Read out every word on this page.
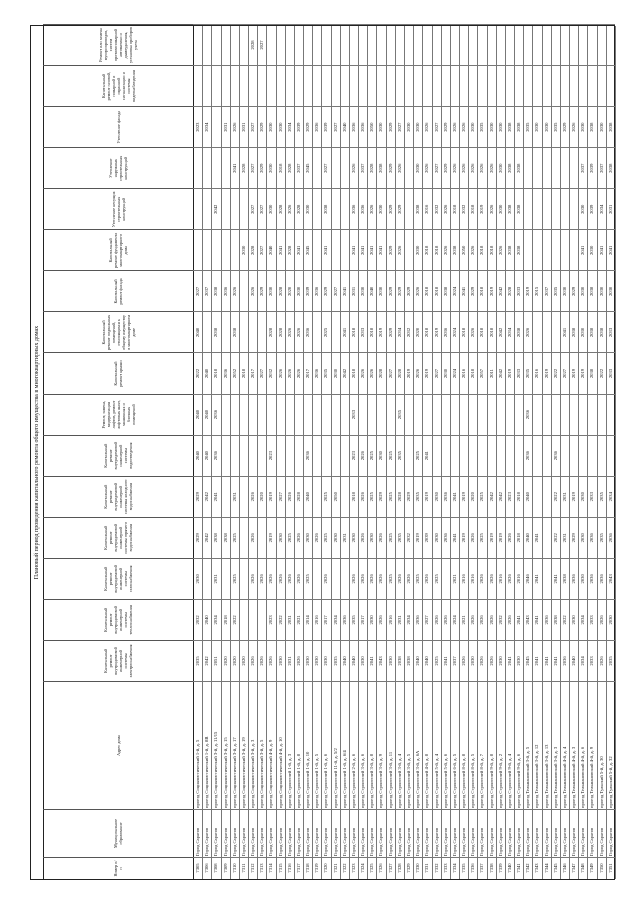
Плановый период проведения капитального ремонта общего имущества в многоквартирных домах
Номер п/п
Муниципальное образование
Адрес дома
Капитальный ремонт внутридомовой инженерной системы электроснабжения
Капитальный ремонт внутридомовой инженерной системы теплоснабжения
Капитальный ремонт внутридомовой инженерной системы газоснабжения
Капитальный ремонт внутридомовой инженерной системы горячего водоснабжения
Капитальный ремонт внутридомовой инженерной системы холодного водоснабжения
Капитальный ремонт внутридомовой инженерной системы водоотведения
Ремонт, замена, модернизация лифтов, ремонт лифтовых шахт, машинных и блочных помещений
Капитальный ремонт крыши
Капитальный ремонт подвальных помещений, относящихся к общему имуществу в многоквартирном доме
Капитальный ремонт фасада
Капитальный ремонт фундамента многоквартирного дома
Утепление несущих строительных конструкций
Утепление наружных строительных конструкций
Утепление фасада
Капитальный ремонт газовой, пожарной и охранной сигнализации и системы видеонаблюдения
Ремонт или замена мусоропроводов, систем противопожарной автоматики и дымоудаления, установка приборов учета
7305
Город Саратов
проезд Социалистический 1-й, д. 5
2035
2032
2030
2029
2029
2040
2040
2022
2040
2027
2023
7306
Город Саратов
проезд Социалистический 1-й, д. 8В
2042
2040
2042
2042
2040
2040
2040
2037
2034
7308
Город Саратов
проезд Социалистический 3-й, д. 11/15
2051
2034
2031
2038
2041
2036
2036
2018
2038
2038
2042
7309
Город Саратов
проезд Социалистический 3-й, д. 15
2020
2018
2038
2036
2036
2031
7310
Город Саратов
проезд Социалистический 3-й, д. 17
2020
2022
2025
2025
2031
2052
2038
2026
2041
2026
7311
Город Саратов
проезд Социалистический 3-й, д. 19
2020
2018
2030
2028
2031
7312
Город Саратов
проезд Социалистический 3-й, д. 3
2026
2026
2026
2026
2017
2026
2028
2027
2027
2027
2028
7313
Город Саратов
проезд Социалистический 3-й, д. 5
2026
2026
2020
2027
2029
2027
2027
2029
2029
2027
7314
Город Саратов
проезд Социалистический 4-й, д. 9
2026
2023
2026
2019
2019
2023
2032
2028
2030
2040
2030
2030
2030
7315
Город Саратов
проезд Социалистический 4-й, д. 10
2030
2022
2026
2030
2027
2026
2028
2028
2041
2028
2018
2030
7316
Город Саратов
проезд Строителей 1-й, д. 3
2031
2031
2026
2025
2026
2026
2026
2020
2028
2026
2028
2034
7317
Город Саратов
проезд Строителей 1-й, д. 8
2026
2021
2026
2026
2028
2026
2026
2030
2041
2028
2037
2039
7318
Город Саратов
проезд Строителей 1-й, д. 10
2030
2014
2025
2030
2040
2036
2017
2036
2039
2045
2030
2045
2029
7319
Город Саратов
проезд Строителей 1-й, д. 5
2030
2016
2026
2036
2036
2036
7320
Город Саратов
проезд Строителей 1-й, д. 6
2030
2017
2026
2025
2025
2035
2025
2029
2041
2038
2027
2039
7321
Город Саратов
проезд Строителей 11-й, д. 5/2
2035
2034
2030
2050
2030
2027
2027
7322
Город Саратов
проезд Строителей 1-й, д. 6/4
2040
2036
2031
2042
2041
2041
2040
7323
Город Саратов
проезд Строителей 2-й, д. 6
2040
2035
2026
2030
2018
2023
2033
2018
2018
2031
2041
2036
2026
2036
7324
Город Саратов
проезд Строителей 3-й, д. 6
2030
2017
2026
2026
2026
2026
2026
2033
2030
2041
2036
2037
2036
7325
Город Саратов
проезд Строителей 3-й, д. 8
2041
2030
2026
2030
2025
2025
2026
2018
2040
2041
2026
2028
2050
7326
Город Саратов
проезд Строителей 3-й, д. 9
2043
2026
2026
2026
2029
2030
2028
2019
2030
2041
2030
2038
2030
7327
Город Саратов
проезд Строителей 3-й, д. 11
2030
2016
2025
2025
2025
2025
2027
2029
2029
2029
2029
2029
2029
7328
Город Саратов
проезд Строителей 3-й, д. 4
2038
2031
2026
2035
2028
2035
2035
2028
2034
2029
2026
2029
2026
2027
7329
Город Саратов
проезд Строителей 3-й, д. 5
2038
2034
2026
2032
2029
2019
2032
2029
2030
7330
Город Саратов
проезд Строителей 3-й, д. 6А
2040
2036
2025
2019
2035
2025
2026
2020
2026
2030
2038
2030
2030
7331
Город Саратов
проезд Строителей 4-й, д. 8
2040
2027
2026
2039
2019
2041
2019
2018
2018
2018
2016
2026
2026
7332
Город Саратов
проезд Строителей 5-й, д. 4
2025
2026
2025
2030
2030
2027
2019
2018
2018
2032
2027
2027
7333
Город Саратов
проезд Строителей 5-й, д. 6
2041
2026
2036
2036
2030
2036
2038
2026
2026
2029
2029
7334
Город Саратов
проезд Строителей 6-й, д. 5
2037
2024
2021
2041
2041
2024
2024
2024
2038
2018
2026
2026
7335
Город Саратов
проезд Строителей 8-й, д. 8
2026
2021
2016
2019
2019
2016
2018
2041
2050
2032
2026
2026
7336
Город Саратов
проезд Строителей 8-й, д. 5
2030
2026
2016
2026
2020
2018
2026
2029
2026
2018
2026
2030
7337
Город Саратов
проезд Строителей 8-й, д. 7
2026
2026
2026
2025
2025
2057
2018
2018
2018
2019
2026
2035
7338
Город Саратов
проезд Строителей 9-й, д. 8
2026
2026
2026
2019
2042
2011
2018
2019
2018
2026
2026
2030
7339
Город Саратов
проезд Строителей 9-й, д. 2
2030
2032
2016
2019
2042
2042
2042
2042
2026
2030
2030
2030
7340
Город Саратов
проезд Строителей 9-й, д. 4
2041
2026
2026
2026
2023
2019
2034
2028
2038
2038
2038
2038
7341
Город Саратов
проезд Строителей 9-й, д. 6
2030
2041
2016
2018
2018
2033
2038
2033
2038
2038
2038
2038
7342
Город Саратов
проезд Тельмановский 3-й, д. 5
2045
2043
2046
2040
2040
2036
2036
2035
2026
2019
2035
7343
Город Саратов
проезд Тельмановский 3-й, д. 12
2041
2041
2041
2041
2016
2015
2030
7344
Город Саратов
проезд Тельмановский 3-й, д. 13
2041
2036
2019
2037
2030
7345
Город Саратов
проезд Тельмановский 3-й, д. 3
2041
2038
2041
2022
2022
2036
2022
2035
2035
7346
Город Саратов
проезд Тельмановский 4-й, д. 4
2036
2022
2038
2031
2031
2027
2041
2030
2029
7347
Город Саратов
проезд Тельмановский 4-й, д. 3
2040
2030
2036
2029
2019
2019
2038
2029
2026
7348
Город Саратов
проезд Тельмановский 4-й, д. 6
2034
2034
2030
2030
2030
2019
2030
2030
2041
2030
2037
2030
7349
Город Саратов
проезд Тельмановский 4-й, д. 9
2033
2033
2036
2036
2033
2038
2038
2038
2030
2039
2039
2038
7350
Город Саратов
проезд Тульский 5-й, д. 30
2026
2026
2036
2035
2035
2022
2038
2030
2041
2034
2037
2030
7351
Город Саратов
проезд Тульский 5-й, д. 32
2035
2030
2043
2036
2034
2033
2033
2030
2041
2031
2038
2038
